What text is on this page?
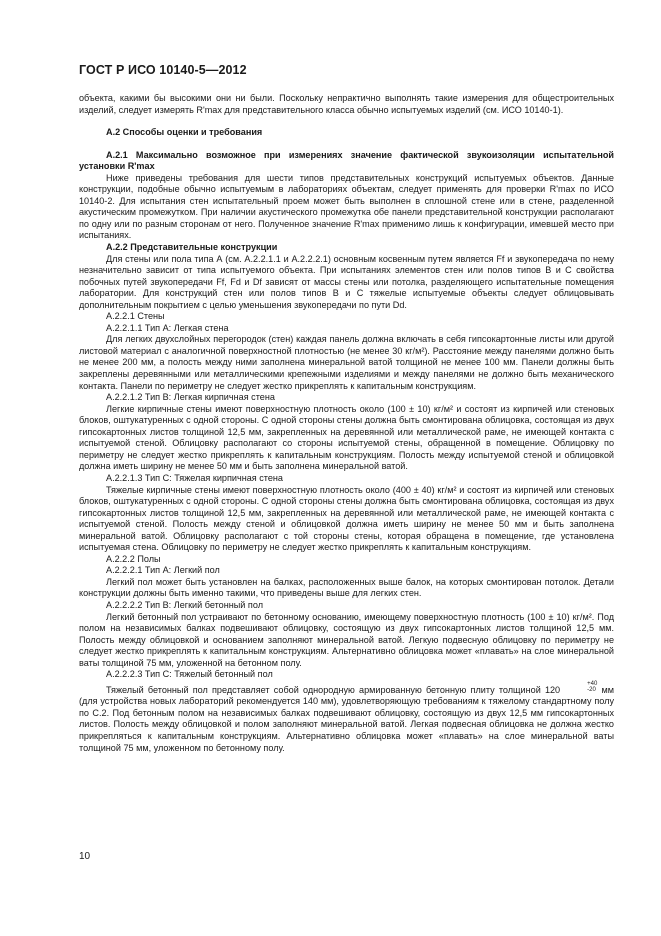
ГОСТ Р ИСО 10140-5—2012

объекта, какими бы высокими они ни были. Поскольку непрактично выполнять такие измерения для общестроительных изделий, следует измерять R'max для представительного класса обычно испытуемых изделий (см. ИСО 10140-1).

А.2 Способы оценки и требования

А.2.1 Максимально возможное при измерениях значение фактической звукоизоляции испытательной установки R'max

Ниже приведены требования для шести типов представительных конструкций испытуемых объектов. Данные конструкции, подобные обычно испытуемым в лабораториях объектам, следует применять для проверки R'max по ИСО 10140-2. Для испытания стен испытательный проем может быть выполнен в сплошной стене или в стене, разделенной акустическим промежутком. При наличии акустического промежутка обе панели представительной конструкции располагают по одну или по разным сторонам от него. Полученное значение R'max применимо лишь к конфигурации, имевшей место при испытаниях.

А.2.2 Представительные конструкции

Для стены или пола типа А (см. А.2.2.1.1 и А.2.2.2.1) основным косвенным путем является Ff и звукопередача по нему незначительно зависит от типа испытуемого объекта. При испытаниях элементов стен или полов типов В и С свойства побочных путей звукопередачи Ff, Fd и Df зависят от массы стены или потолка, разделяющего испытательные помещения лаборатории. Для конструкций стен или полов типов В и С тяжелые испытуемые объекты следует облицовывать дополнительным покрытием с целью уменьшения звукопередачи по пути Dd.

А.2.2.1 Стены

А.2.2.1.1 Тип А: Легкая стена

Для легких двухслойных перегородок (стен) каждая панель должна включать в себя гипсокартонные листы или другой листовой материал с аналогичной поверхностной плотностью (не менее 30 кг/м²). Расстояние между панелями должно быть не менее 200 мм, а полость между ними заполнена минеральной ватой толщиной не менее 100 мм. Панели должны быть закреплены деревянными или металлическими крепежными изделиями и между панелями не должно быть механического контакта. Панели по периметру не следует жестко прикреплять к капитальным конструкциям.

А.2.2.1.2 Тип В: Легкая кирпичная стена

Легкие кирпичные стены имеют поверхностную плотность около (100 ± 10) кг/м² и состоят из кирпичей или стеновых блоков, оштукатуренных с одной стороны. С одной стороны стены должна быть смонтирована облицовка, состоящая из двух гипсокартонных листов толщиной 12,5 мм, закрепленных на деревянной или металлической раме, не имеющей контакта с испытуемой стеной. Облицовку располагают со стороны испытуемой стены, обращенной в помещение. Облицовку по периметру не следует жестко прикреплять к капитальным конструкциям. Полость между испытуемой стеной и облицовкой должна иметь ширину не менее 50 мм и быть заполнена минеральной ватой.

А.2.2.1.3 Тип С: Тяжелая кирпичная стена

Тяжелые кирпичные стены имеют поверхностную плотность около (400 ± 40) кг/м² и состоят из кирпичей или стеновых блоков, оштукатуренных с одной стороны. С одной стороны стены должна быть смонтирована облицовка, состоящая из двух гипсокартонных листов толщиной 12,5 мм, закрепленных на деревянной или металлической раме, не имеющей контакта с испытуемой стеной. Полость между стеной и облицовкой должна иметь ширину не менее 50 мм и быть заполнена минеральной ватой. Облицовку располагают с той стороны стены, которая обращена в помещение, где установлена испытуемая стена. Облицовку по периметру не следует жестко прикреплять к капитальным конструкциям.

А.2.2.2 Полы

А.2.2.2.1 Тип А: Легкий пол

Легкий пол может быть установлен на балках, расположенных выше балок, на которых смонтирован потолок. Детали конструкции должны быть именно такими, что приведены выше для легких стен.

А.2.2.2.2 Тип В: Легкий бетонный пол

Легкий бетонный пол устраивают по бетонному основанию, имеющему поверхностную плотность (100 ± 10) кг/м². Под полом на независимых балках подвешивают облицовку, состоящую из двух гипсокартонных листов толщиной 12,5 мм. Полость между облицовкой и основанием заполняют минеральной ватой. Легкую подвесную облицовку по периметру не следует жестко прикреплять к капитальным конструкциям. Альтернативно облицовка может «плавать» на слое минеральной ваты толщиной 75 мм, уложенной на бетонном полу.

А.2.2.2.3 Тип С: Тяжелый бетонный пол

Тяжелый бетонный пол представляет собой однородную армированную бетонную плиту толщиной 120
+40
-20 мм (для устройства новых лабораторий рекомендуется 140 мм), удовлетворяющую требованиям к тяжелому стандартному полу по С.2. Под бетонным полом на независимых балках подвешивают облицовку, состоящую из двух 12,5 мм гипсокартонных листов. Полость между облицовкой и полом заполняют минеральной ватой. Легкая подвесная облицовка не должна жестко прикрепляться к капитальным конструкциям. Альтернативно облицовка может «плавать» на слое минеральной ваты толщиной 75 мм, уложенном по бетонному полу.

10
